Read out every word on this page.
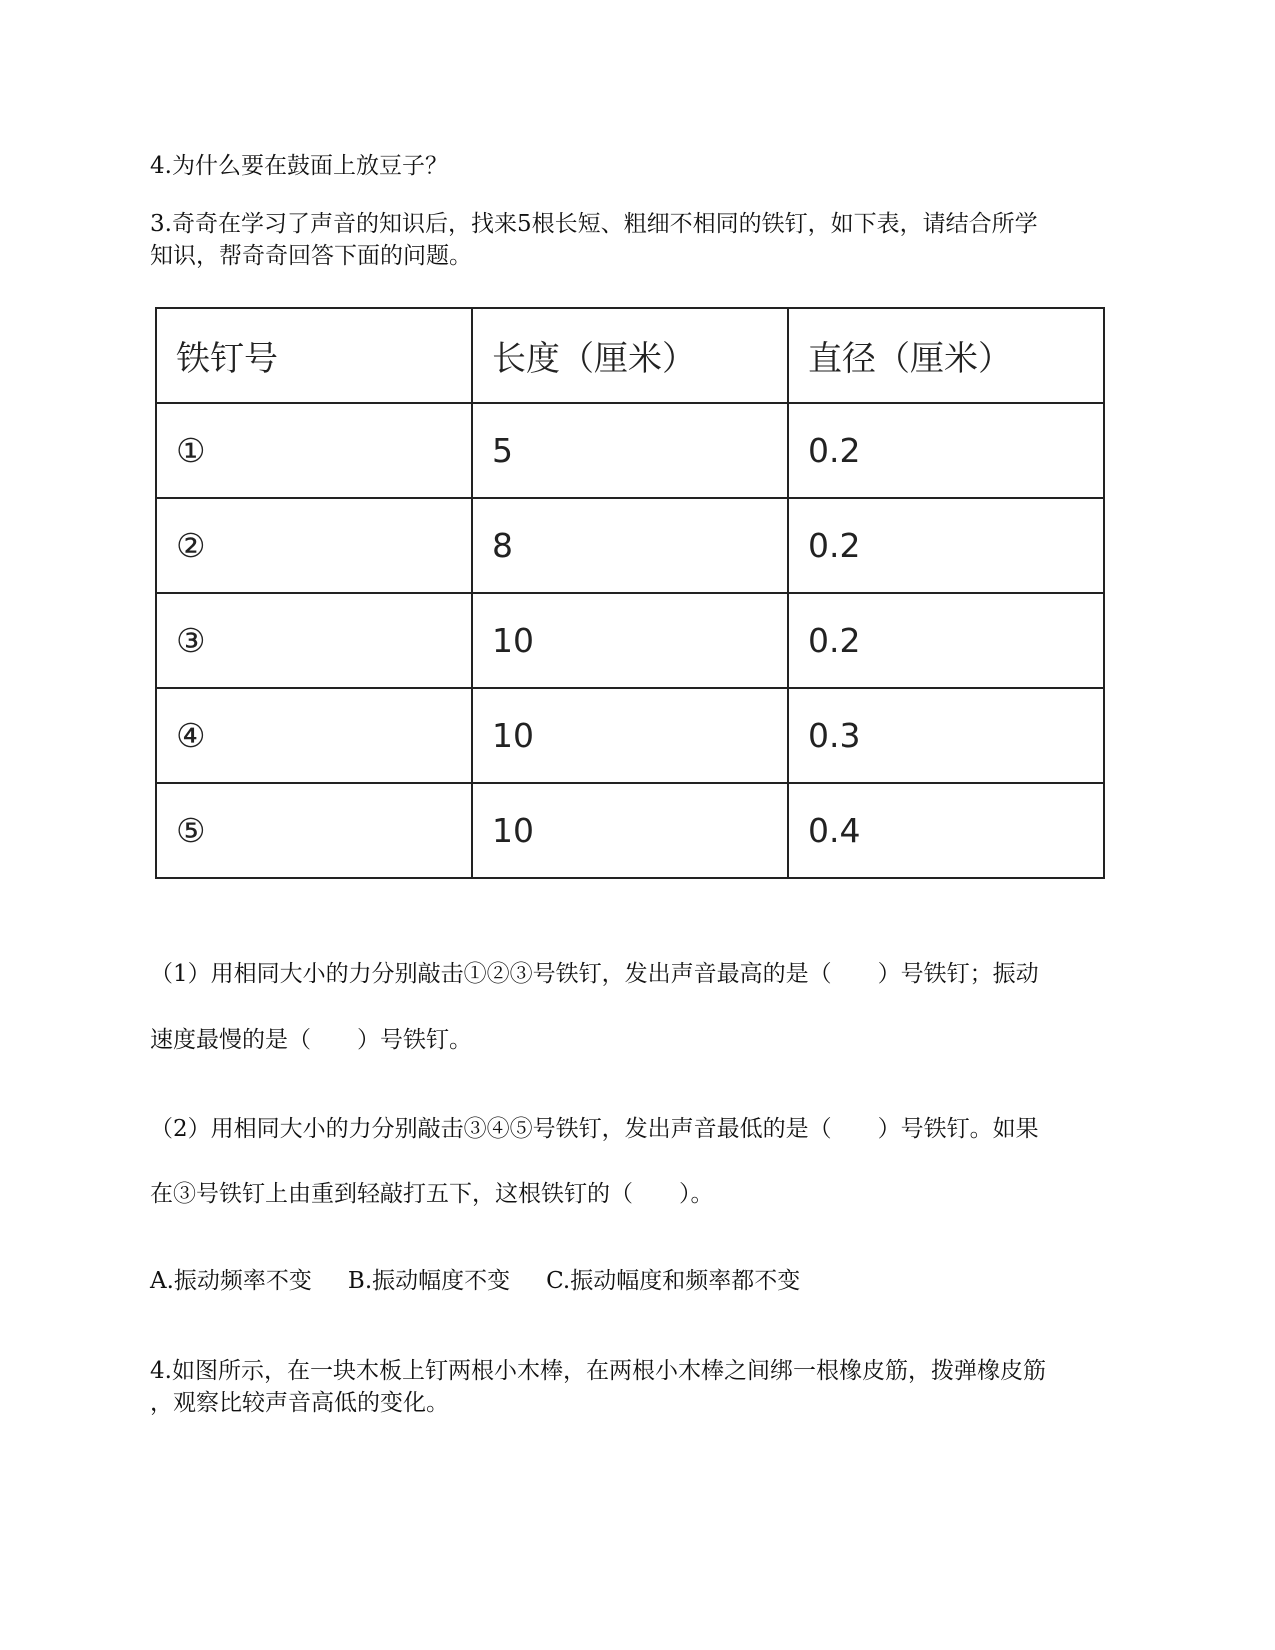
4.为什么要在鼓面上放豆子？

3.奇奇在学习了声音的知识后，找来5根长短、粗细不相同的铁钉，如下表，请结合所学
知识，帮奇奇回答下面的问题。

铁钉号	长度（厘米）	直径（厘米）
①	5	0.2
②	8	0.2
③	10	0.2
④	10	0.3
⑤	10	0.4

（1）用相同大小的力分别敲击①②③号铁钉，发出声音最高的是（　　）号铁钉；振动

速度最慢的是（　　）号铁钉。

（2）用相同大小的力分别敲击③④⑤号铁钉，发出声音最低的是（　　）号铁钉。如果

在③号铁钉上由重到轻敲打五下，这根铁钉的（　　）。

A.振动频率不变 B.振动幅度不变 C.振动幅度和频率都不变

4.如图所示，在一块木板上钉两根小木棒，在两根小木棒之间绑一根橡皮筋，拨弹橡皮筋
，观察比较声音高低的变化。
